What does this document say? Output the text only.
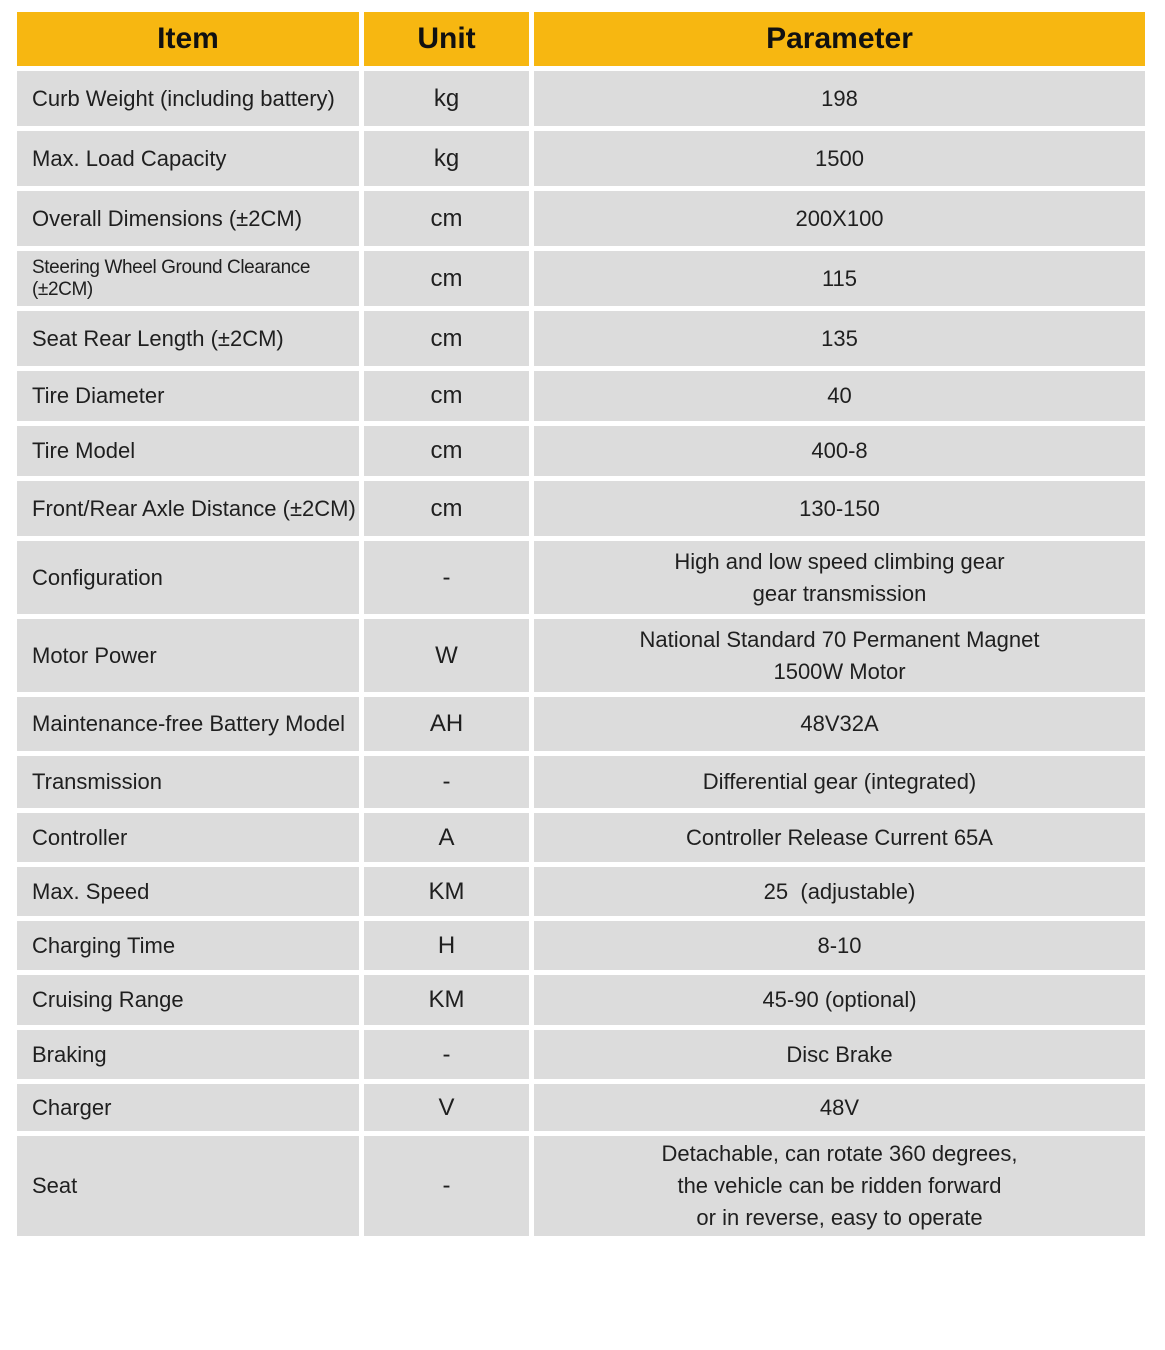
Item	Unit	Parameter
Curb Weight (including battery)	kg	198

Max. Load Capacity	kg	1500

Overall Dimensions (±2CM)	cm	200X100

Steering Wheel Ground Clearance (±2CM)	cm	115

Seat Rear Length (±2CM)	cm	135

Tire Diameter	cm	40

Tire Model	cm	400-8

Front/Rear Axle Distance (±2CM)	cm	130-150

Configuration	-	High and low speed climbing gear
gear transmission

Motor Power	W	National Standard 70 Permanent Magnet
1500W Motor

Maintenance-free Battery Model	AH	48V32A

Transmission	-	Differential gear (integrated)

Controller	A	Controller Release Current 65A

Max. Speed	KM	25  (adjustable)

Charging Time	H	8-10

Cruising Range	KM	45-90 (optional)

Braking	-	Disc Brake

Charger	V	48V

Seat	-	Detachable, can rotate 360 degrees,
the vehicle can be ridden forward
or in reverse, easy to operate
